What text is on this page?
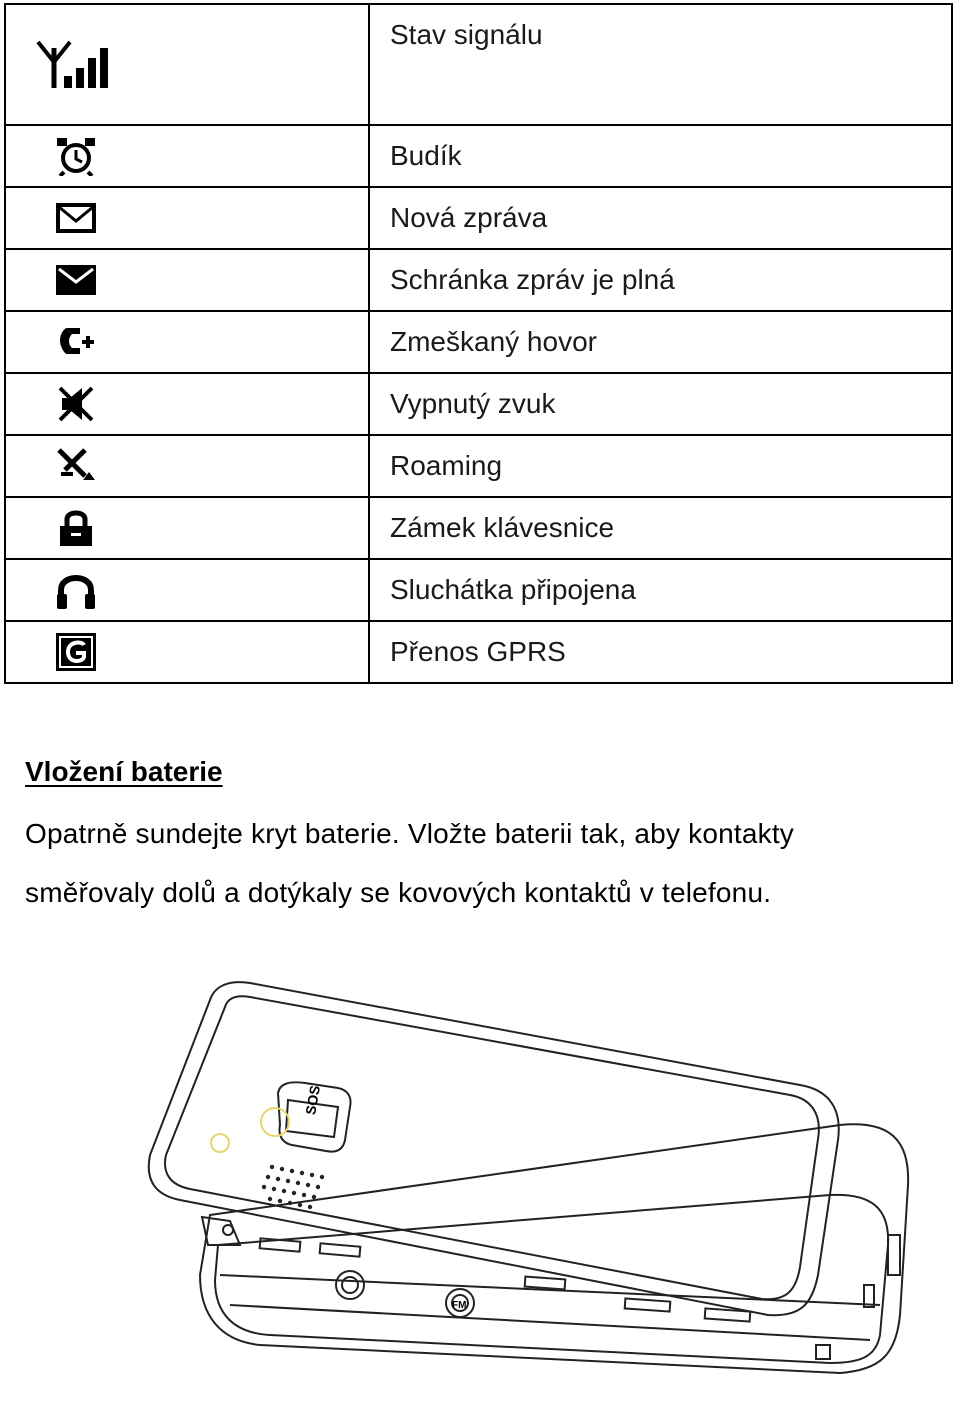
	Stav signálu

	Budík

	Nová zpráva

	Schránka zpráv je plná

	Zmeškaný hovor

	Vypnutý zvuk

	Roaming

	Zámek klávesnice

	Sluchátka připojena

	Přenos GPRS
Vložení baterie

Opatrně sundejte kryt baterie. Vložte baterii tak, aby kontakty

směřovaly dolů a dotýkaly se kovových kontaktů v telefonu.

SOS
FM
